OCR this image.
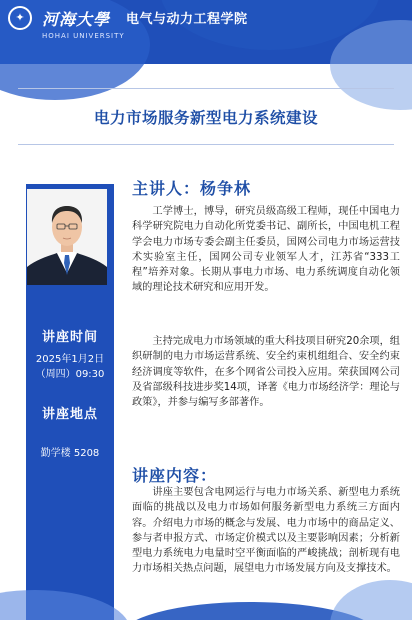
✦	河海大學
HOHAI UNIVERSITY
电气与动力工程学院
电力市场服务新型电力系统建设
讲座时间
2025年1月2日
（周四）09:30
讲座地点
勤学楼 5208
主讲人：杨争林

工学博士，博导，研究员级高级工程师，现任中国电力科学研究院电力自动化所党委书记、副所长，中国电机工程学会电力市场专委会副主任委员，国网公司电力市场运营技术实验室主任，国网公司专业领军人才，江苏省“333工程”培养对象。长期从事电力市场、电力系统调度自动化领域的理论技术研究和应用开发。

主持完成电力市场领域的重大科技项目研究20余项，组织研制的电力市场运营系统、安全约束机组组合、安全约束经济调度等软件，在多个网省公司投入应用。荣获国网公司及省部级科技进步奖14项，译著《电力市场经济学：理论与政策》，并参与编写多部著作。

讲座内容：

讲座主要包含电网运行与电力市场关系、新型电力系统面临的挑战以及电力市场如何服务新型电力系统三方面内容。介绍电力市场的概念与发展、电力市场中的商品定义、参与者申报方式、市场定价模式以及主要影响因素；分析新型电力系统电力电量时空平衡面临的严峻挑战；剖析现有电力市场相关热点问题，展望电力市场发展方向及支撑技术。
